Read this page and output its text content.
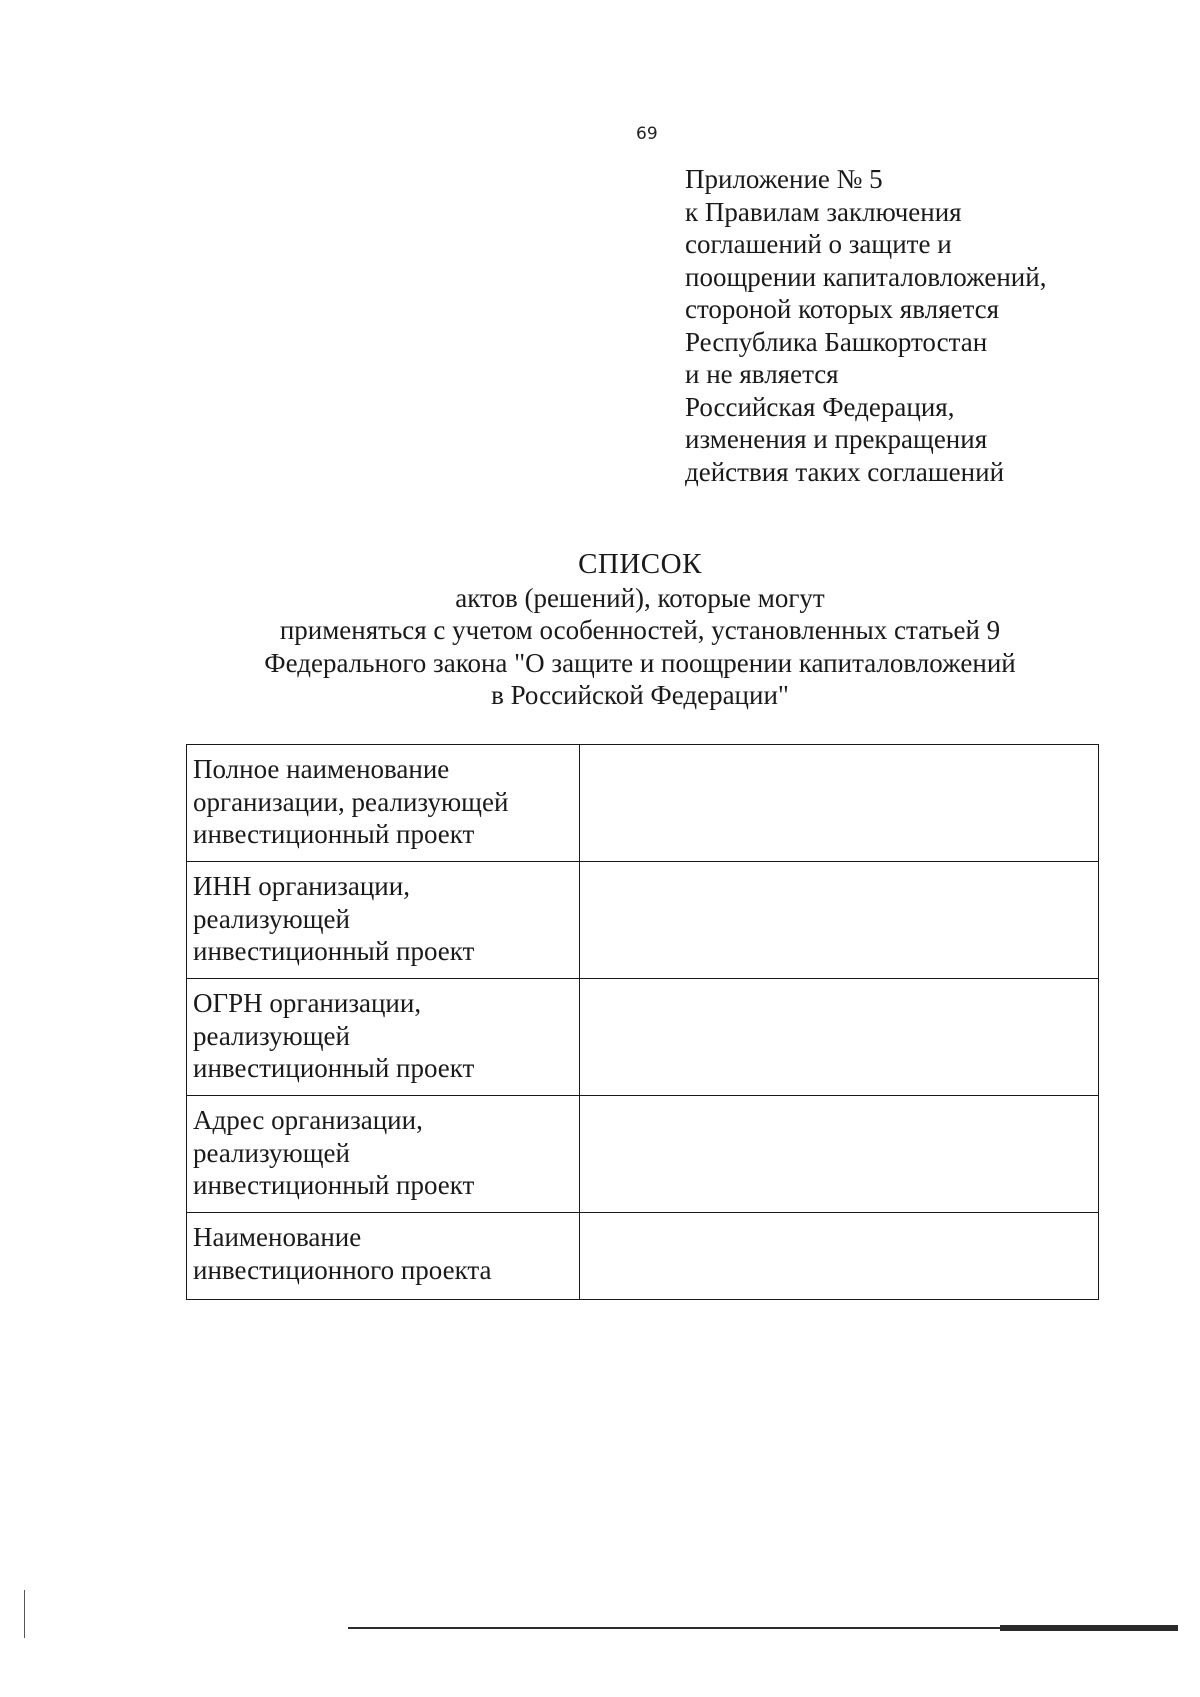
69
Приложение № 5
к Правилам заключения
соглашений о защите и
поощрении капиталовложений,
стороной которых является
Республика Башкортостан
и не является
Российская Федерация,
изменения и прекращения
действия таких соглашений
СПИСОК
актов (решений), которые могут
применяться с учетом особенностей, установленных статьей 9
Федерального закона "О защите и поощрении капиталовложений
в Российской Федерации"
Полное наименование
организации, реализующей
инвестиционный проект	

ИНН организации,
реализующей
инвестиционный проект	

ОГРН организации,
реализующей
инвестиционный проект	

Адрес организации,
реализующей
инвестиционный проект	

Наименование
инвестиционного проекта	
